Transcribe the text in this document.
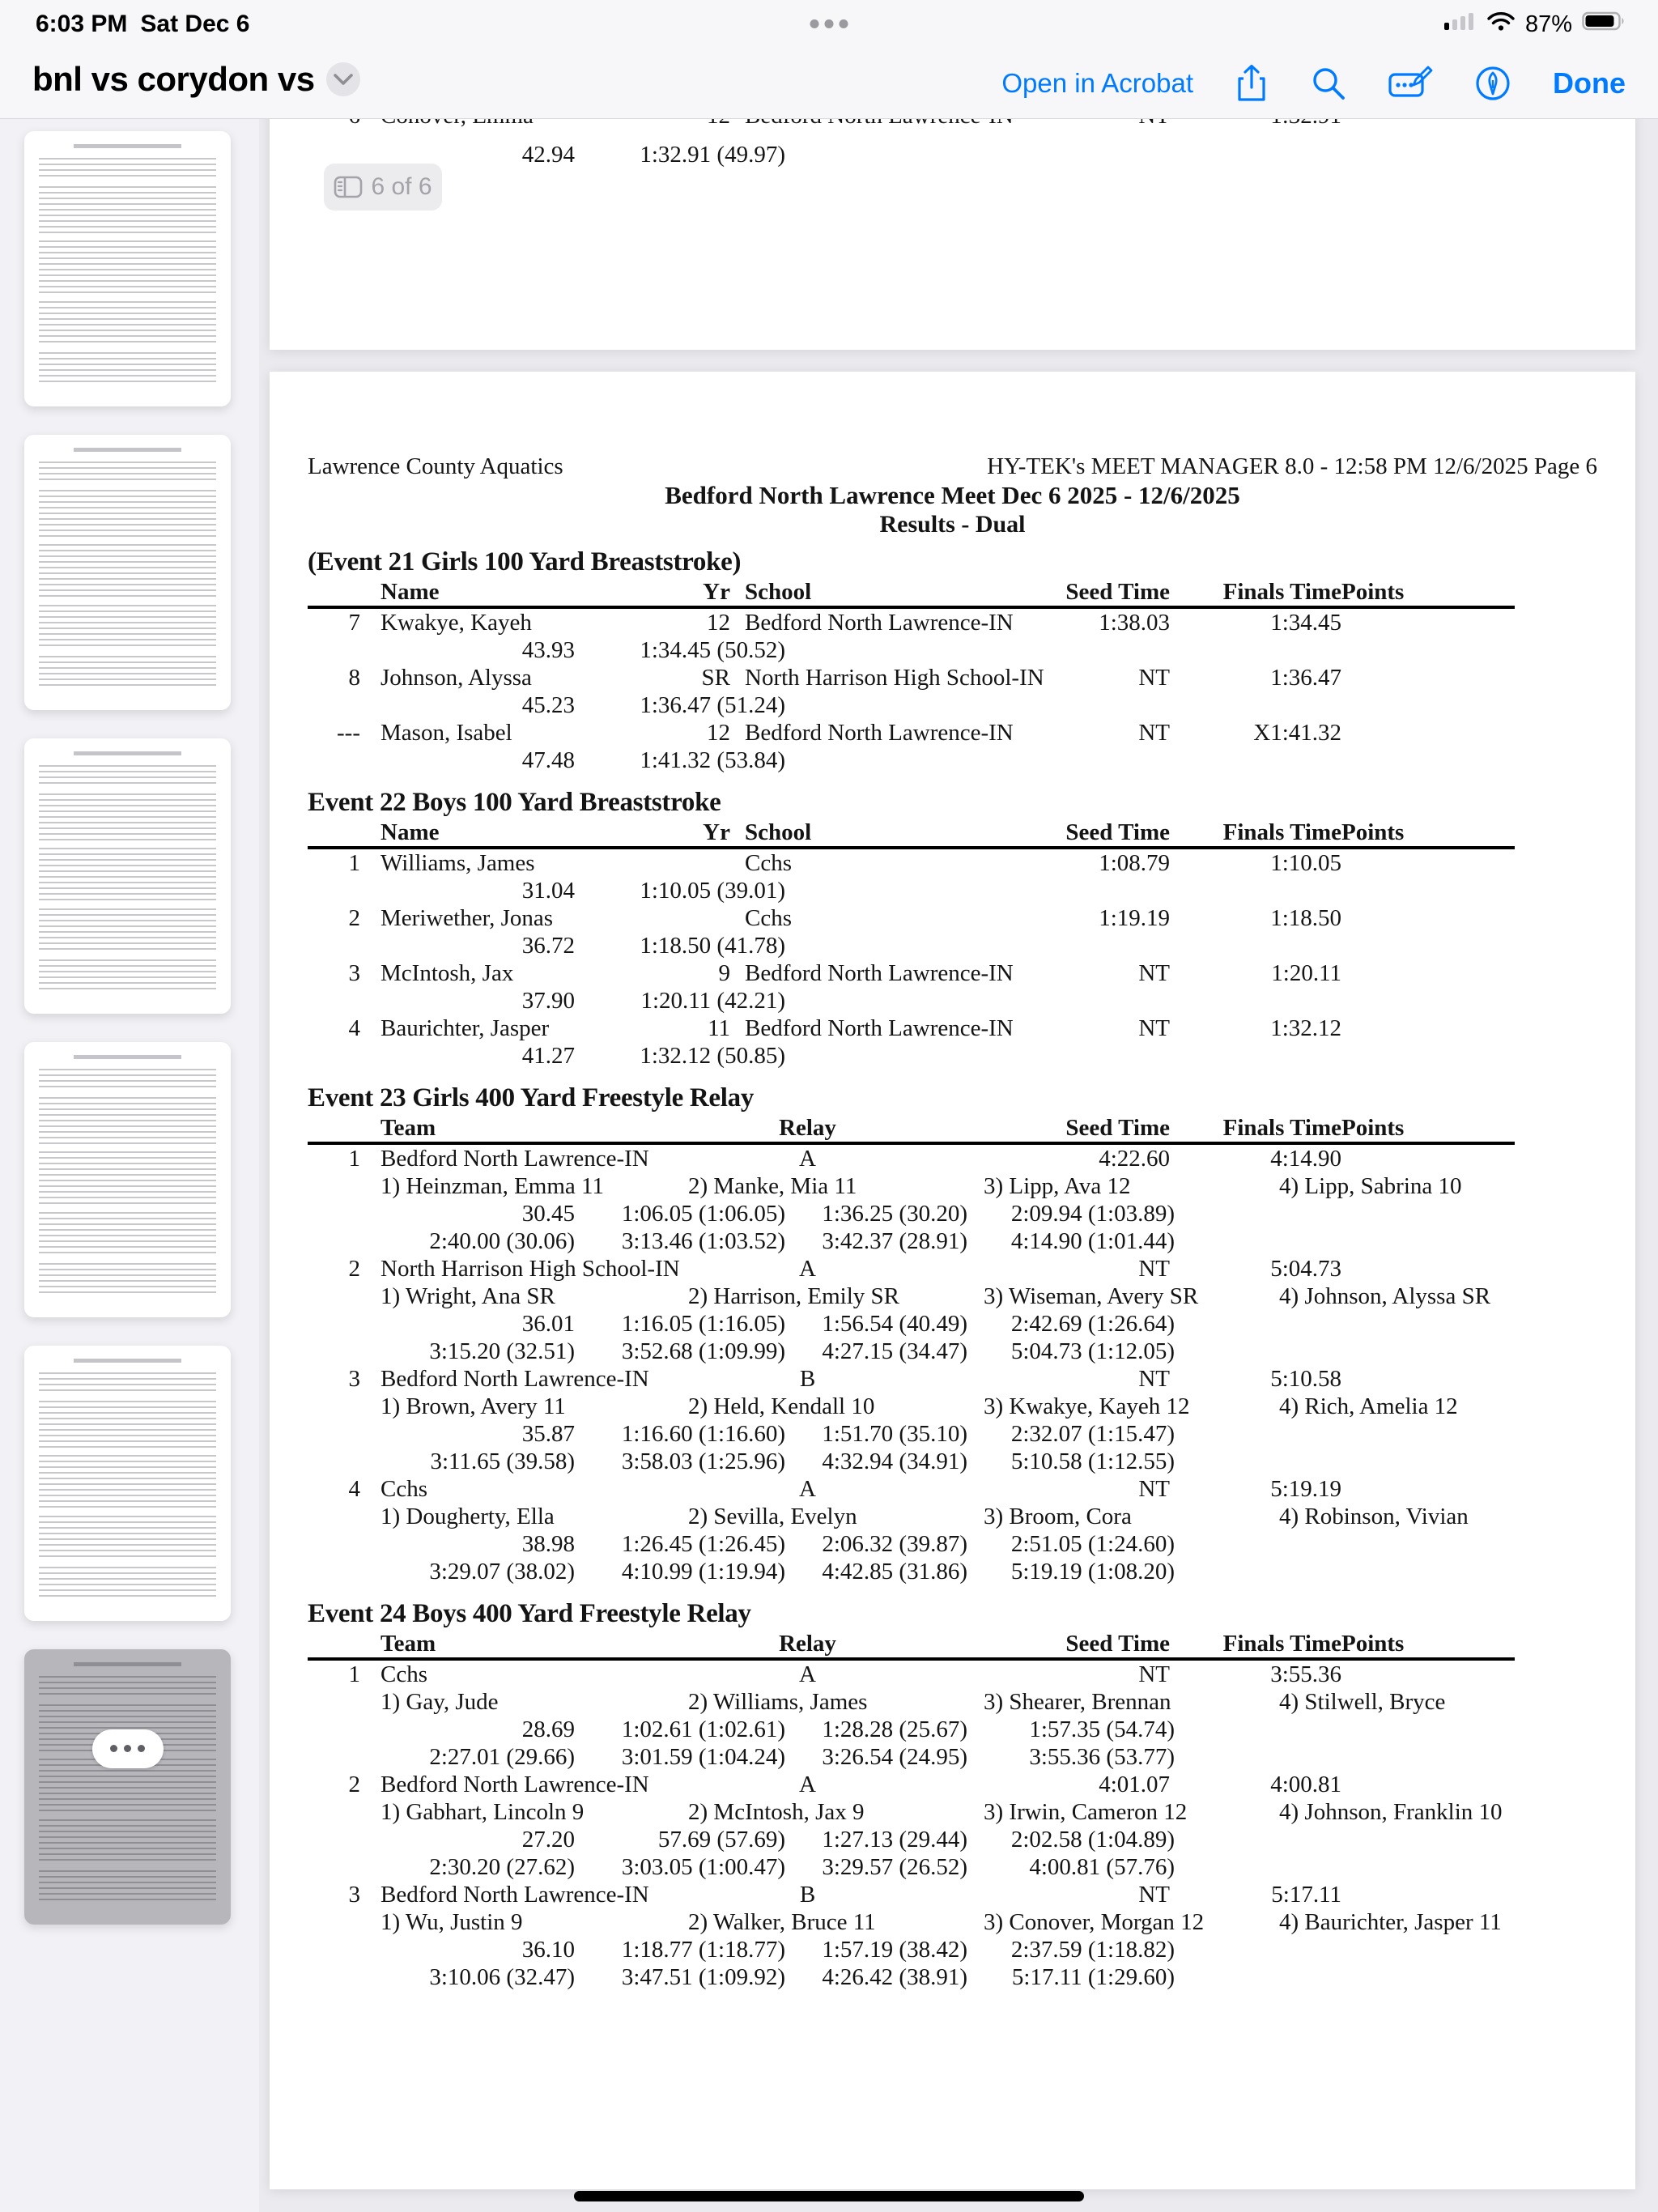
6:03 PM Sat Dec 6	87%
bnl vs corydon vs	Open in Acrobat	Done
42.94	1:32.91 (49.97)
6 of 6
Lawrence County Aquatics	HY-TEK's MEET MANAGER 8.0 - 12:58 PM 12/6/2025 Page 6
Bedford North Lawrence Meet Dec 6 2025 - 12/6/2025
Results - Dual
(Event 21 Girls 100 Yard Breaststroke)
Name	Yr School	Seed Time	Finals Time Points
7 Kwakye, Kayeh	12 Bedford North Lawrence-IN	1:38.03	1:34.45
43.93	1:34.45 (50.52)
8 Johnson, Alyssa	SR North Harrison High School-IN	NT	1:36.47
45.23	1:36.47 (51.24)
--- Mason, Isabel	12 Bedford North Lawrence-IN	NT	X1:41.32
47.48	1:41.32 (53.84)
Event 22 Boys 100 Yard Breaststroke
Name	Yr School	Seed Time	Finals Time Points
1 Williams, James	Cchs	1:08.79	1:10.05
31.04	1:10.05 (39.01)
2 Meriwether, Jonas	Cchs	1:19.19	1:18.50
36.72	1:18.50 (41.78)
3 McIntosh, Jax	9 Bedford North Lawrence-IN	NT	1:20.11
37.90	1:20.11 (42.21)
4 Baurichter, Jasper	11 Bedford North Lawrence-IN	NT	1:32.12
41.27	1:32.12 (50.85)
Event 23 Girls 400 Yard Freestyle Relay
Team	Relay	Seed Time	Finals Time Points
1 Bedford North Lawrence-IN	A	4:22.60	4:14.90
1) Heinzman, Emma 11	2) Manke, Mia 11	3) Lipp, Ava 12	4) Lipp, Sabrina 10
30.45	1:06.05 (1:06.05)	1:36.25 (30.20)	2:09.94 (1:03.89)
2:40.00 (30.06)	3:13.46 (1:03.52)	3:42.37 (28.91)	4:14.90 (1:01.44)
2 North Harrison High School-IN	A	NT	5:04.73
1) Wright, Ana SR	2) Harrison, Emily SR	3) Wiseman, Avery SR	4) Johnson, Alyssa SR
36.01	1:16.05 (1:16.05)	1:56.54 (40.49)	2:42.69 (1:26.64)
3:15.20 (32.51)	3:52.68 (1:09.99)	4:27.15 (34.47)	5:04.73 (1:12.05)
3 Bedford North Lawrence-IN	B	NT	5:10.58
1) Brown, Avery 11	2) Held, Kendall 10	3) Kwakye, Kayeh 12	4) Rich, Amelia 12
35.87	1:16.60 (1:16.60)	1:51.70 (35.10)	2:32.07 (1:15.47)
3:11.65 (39.58)	3:58.03 (1:25.96)	4:32.94 (34.91)	5:10.58 (1:12.55)
4 Cchs	A	NT	5:19.19
1) Dougherty, Ella	2) Sevilla, Evelyn	3) Broom, Cora	4) Robinson, Vivian
38.98	1:26.45 (1:26.45)	2:06.32 (39.87)	2:51.05 (1:24.60)
3:29.07 (38.02)	4:10.99 (1:19.94)	4:42.85 (31.86)	5:19.19 (1:08.20)
Event 24 Boys 400 Yard Freestyle Relay
Team	Relay	Seed Time	Finals Time Points
1 Cchs	A	NT	3:55.36
1) Gay, Jude	2) Williams, James	3) Shearer, Brennan	4) Stilwell, Bryce
28.69	1:02.61 (1:02.61)	1:28.28 (25.67)	1:57.35 (54.74)
2:27.01 (29.66)	3:01.59 (1:04.24)	3:26.54 (24.95)	3:55.36 (53.77)
2 Bedford North Lawrence-IN	A	4:01.07	4:00.81
1) Gabhart, Lincoln 9	2) McIntosh, Jax 9	3) Irwin, Cameron 12	4) Johnson, Franklin 10
27.20	57.69 (57.69)	1:27.13 (29.44)	2:02.58 (1:04.89)
2:30.20 (27.62)	3:03.05 (1:00.47)	3:29.57 (26.52)	4:00.81 (57.76)
3 Bedford North Lawrence-IN	B	NT	5:17.11
1) Wu, Justin 9	2) Walker, Bruce 11	3) Conover, Morgan 12	4) Baurichter, Jasper 11
36.10	1:18.77 (1:18.77)	1:57.19 (38.42)	2:37.59 (1:18.82)
3:10.06 (32.47)	3:47.51 (1:09.92)	4:26.42 (38.91)	5:17.11 (1:29.60)
